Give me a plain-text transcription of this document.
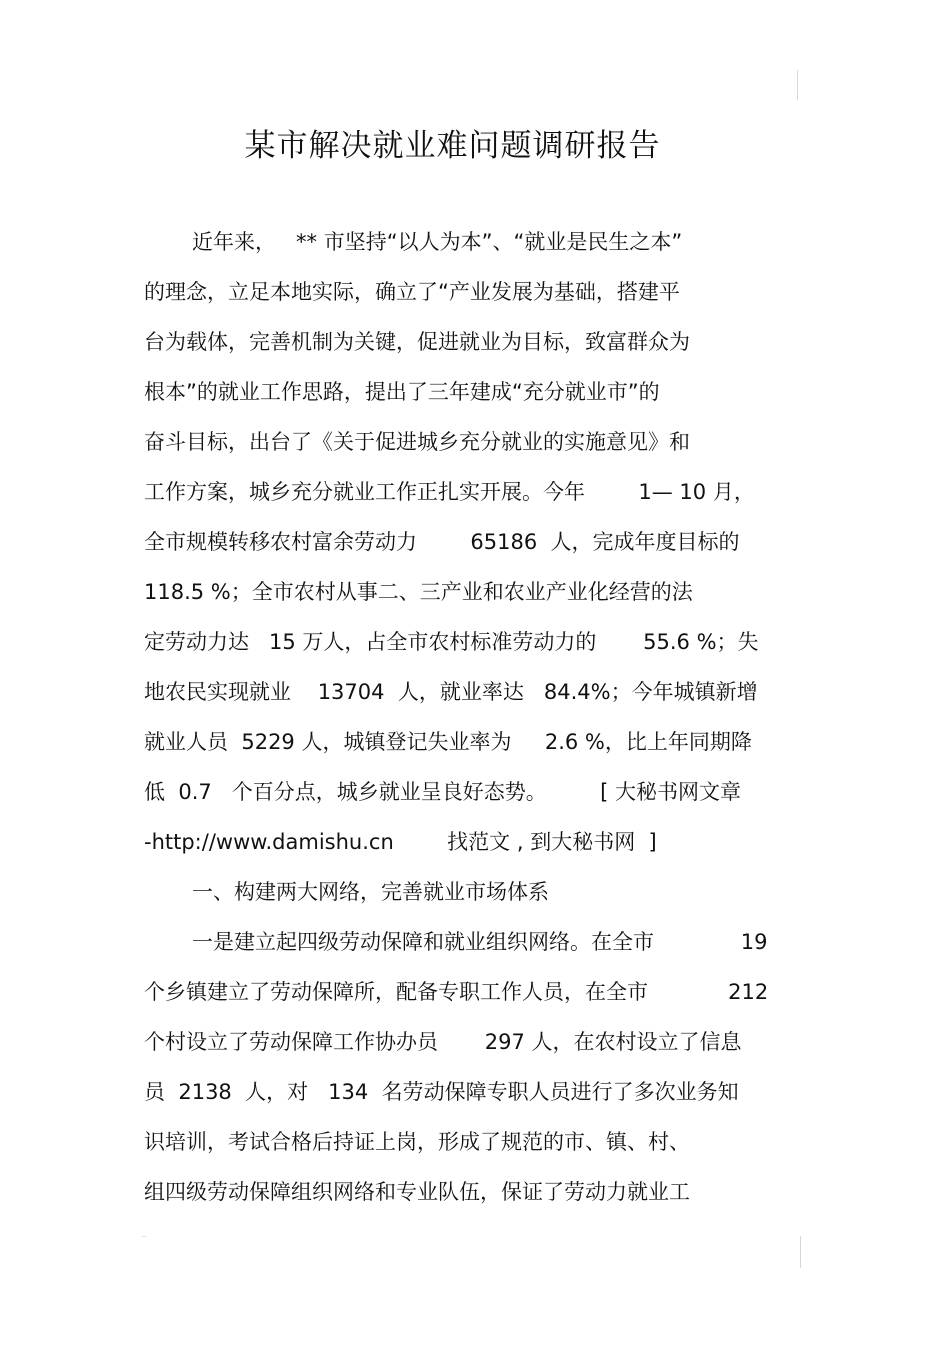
某市解决就业难问题调研报告
近年来，   ** 市坚持“以人为本”、“就业是民生之本”
的理念，立足本地实际，确立了“产业发展为基础，搭建平
台为载体，完善机制为关键，促进就业为目标，致富群众为
根本”的就业工作思路，提出了三年建成“充分就业市”的
奋斗目标，出台了《关于促进城乡充分就业的实施意见》和
工作方案，城乡充分就业工作正扎实开展。今年        1— 10 月，
全市规模转移农村富余劳动力        65186  人，完成年度目标的
118.5 %；全市农村从事二、三产业和农业产业化经营的法
定劳动力达   15 万人，占全市农村标准劳动力的       55.6 %；失
地农民实现就业    13704  人，就业率达   84.4%；今年城镇新增
就业人员  5229 人，城镇登记失业率为     2.6 %，比上年同期降
低  0.7   个百分点，城乡就业呈良好态势。        [ 大秘书网文章
-http://www.damishu.cn        找范文 , 到大秘书网  ]
一、构建两大网络，完善就业市场体系
一是建立起四级劳动保障和就业组织网络。在全市             19
个乡镇建立了劳动保障所，配备专职工作人员，在全市            212
个村设立了劳动保障工作协办员       297 人，在农村设立了信息
员  2138  人，对   134  名劳动保障专职人员进行了多次业务知
识培训，考试合格后持证上岗，形成了规范的市、镇、村、
组四级劳动保障组织网络和专业队伍，保证了劳动力就业工
